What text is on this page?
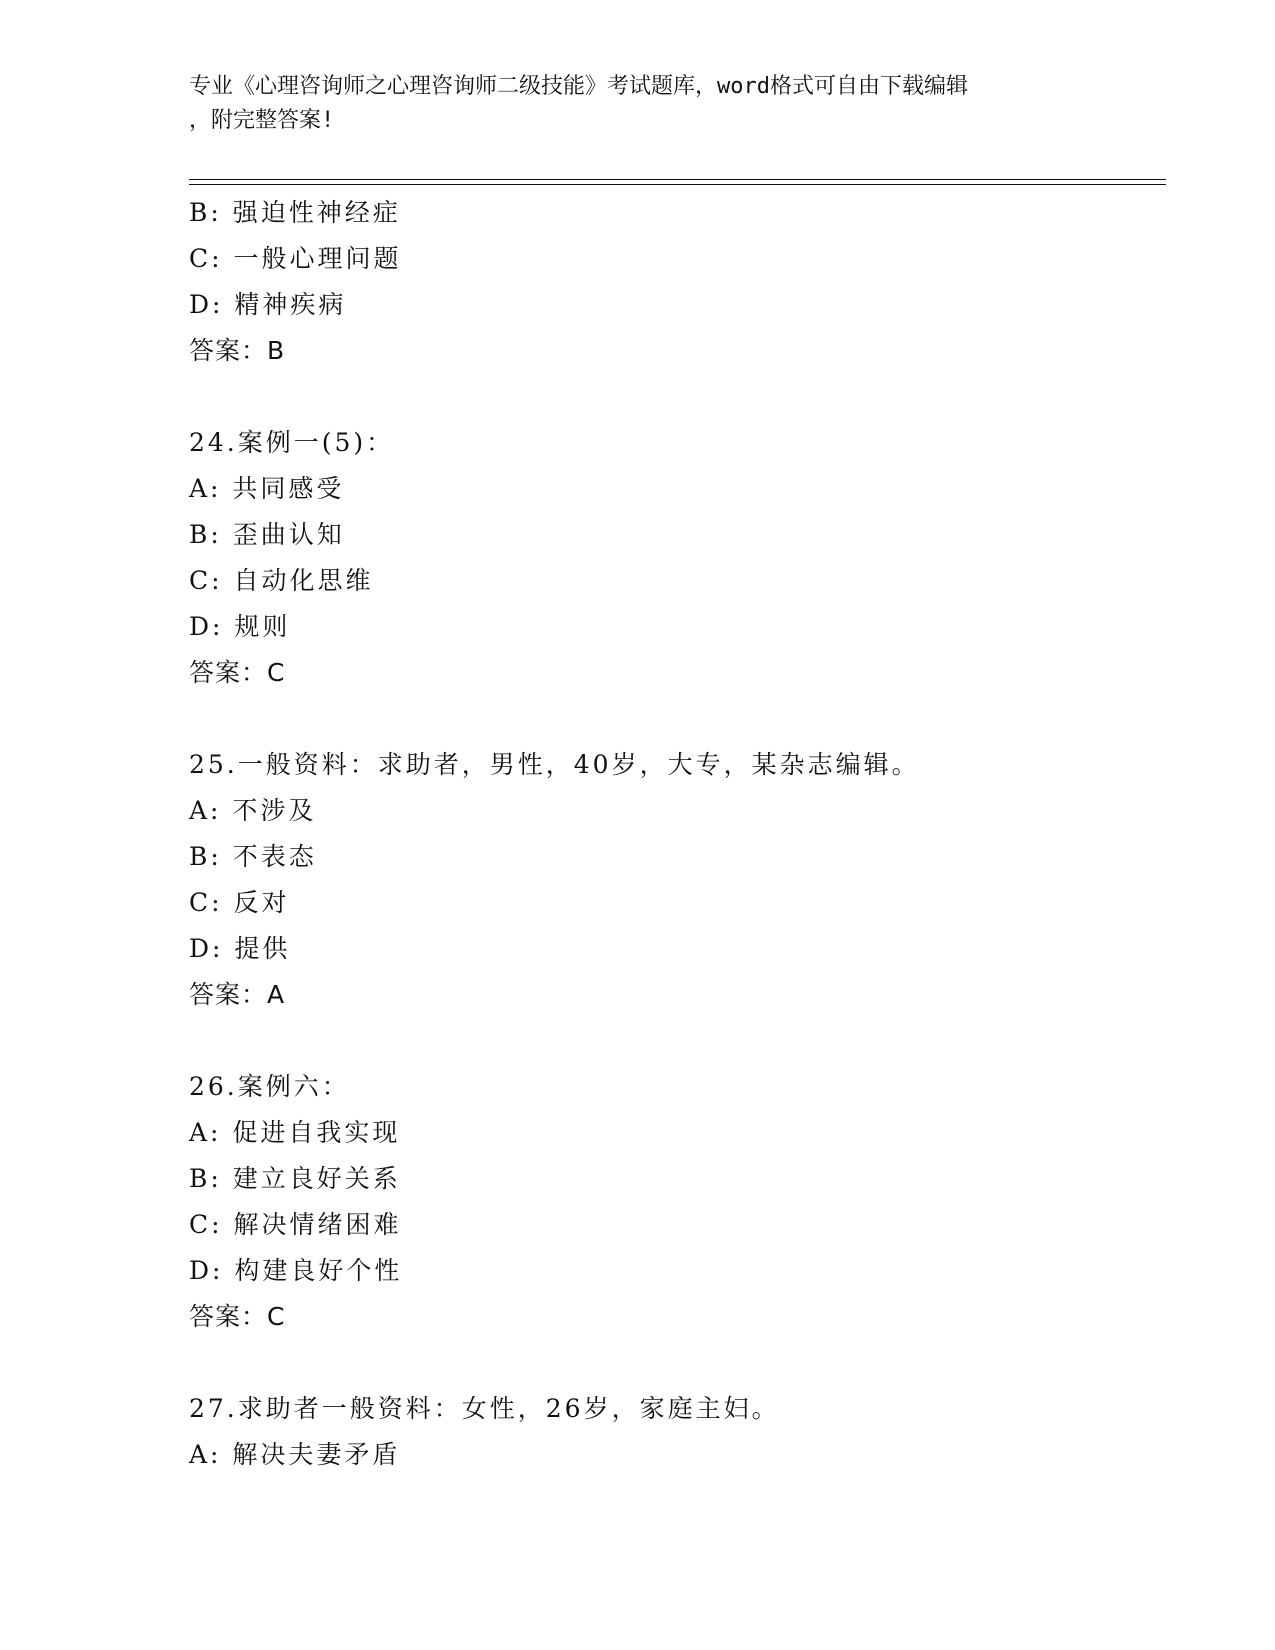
专业《心理咨询师之心理咨询师二级技能》考试题库，word格式可自由下载编辑
，附完整答案!
B: 强迫性神经症
C: 一般心理问题
D: 精神疾病
答案：B
24.案例一(5)：
A: 共同感受
B: 歪曲认知
C: 自动化思维
D: 规则
答案：C
25.一般资料：求助者，男性，40岁，大专，某杂志编辑。
A: 不涉及
B: 不表态
C: 反对
D: 提供
答案：A
26.案例六：
A: 促进自我实现
B: 建立良好关系
C: 解决情绪困难
D: 构建良好个性
答案：C
27.求助者一般资料：女性，26岁，家庭主妇。
A: 解决夫妻矛盾
